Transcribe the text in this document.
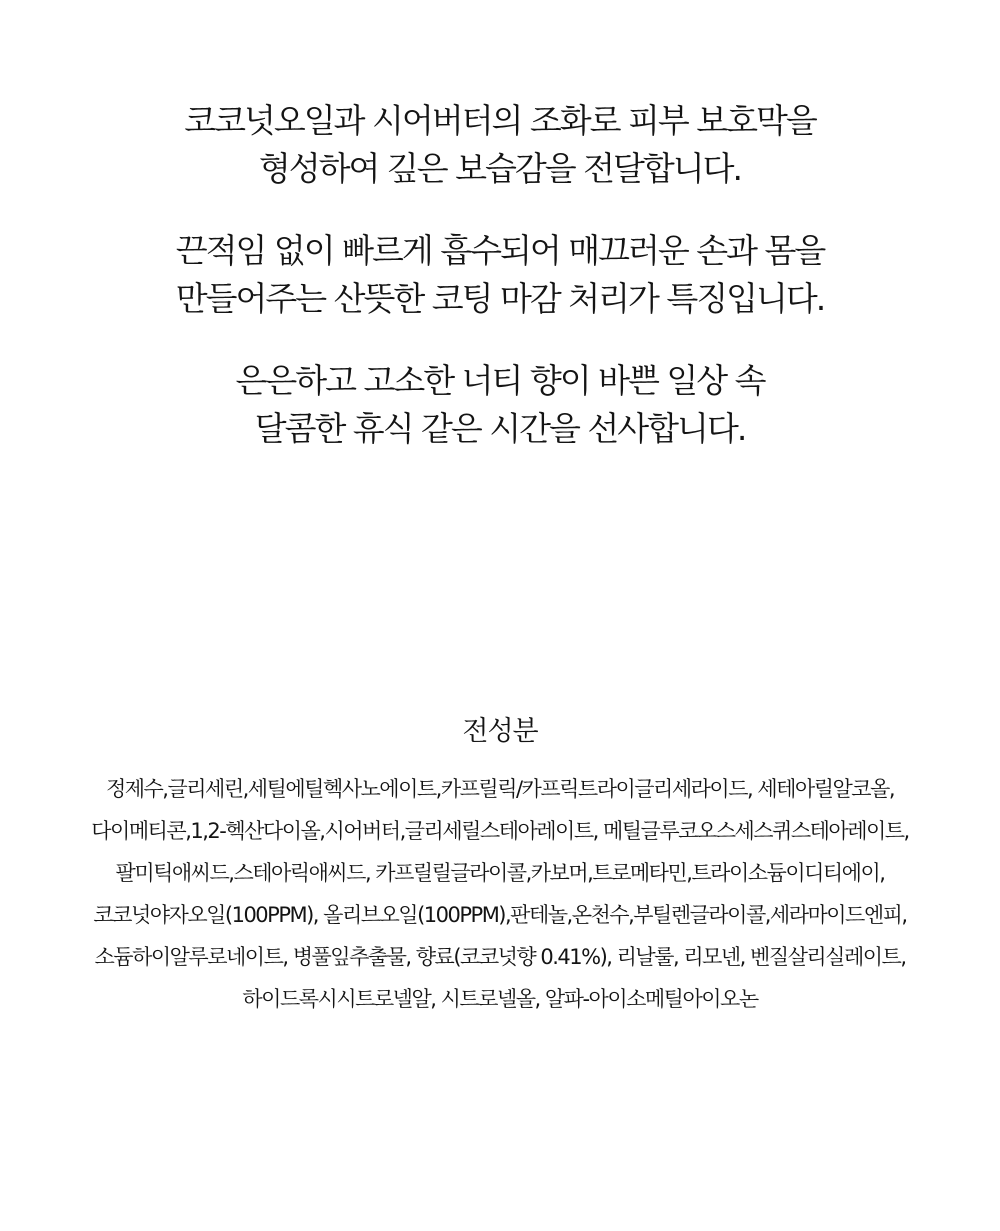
코코넛오일과 시어버터의 조화로 피부 보호막을
형성하여 깊은 보습감을 전달합니다.
끈적임 없이 빠르게 흡수되어 매끄러운 손과 몸을
만들어주는 산뜻한 코팅 마감 처리가 특징입니다.
은은하고 고소한 너티 향이 바쁜 일상 속
달콤한 휴식 같은 시간을 선사합니다.
전성분
정제수,글리세린,세틸에틸헥사노에이트,카프릴릭/카프릭트라이글리세라이드, 세테아릴알코올,
다이메티콘,1,2-헥산다이올,시어버터,글리세릴스테아레이트, 메틸글루코오스세스퀴스테아레이트,
팔미틱애씨드,스테아릭애씨드, 카프릴릴글라이콜,카보머,트로메타민,트라이소듐이디티에이,
코코넛야자오일(100PPM), 올리브오일(100PPM),판테놀,온천수,부틸렌글라이콜,세라마이드엔피,
소듐하이알루로네이트, 병풀잎추출물, 향료(코코넛향 0.41%), 리날룰, 리모넨, 벤질살리실레이트,
하이드록시시트로넬알, 시트로넬올, 알파-아이소메틸아이오논
